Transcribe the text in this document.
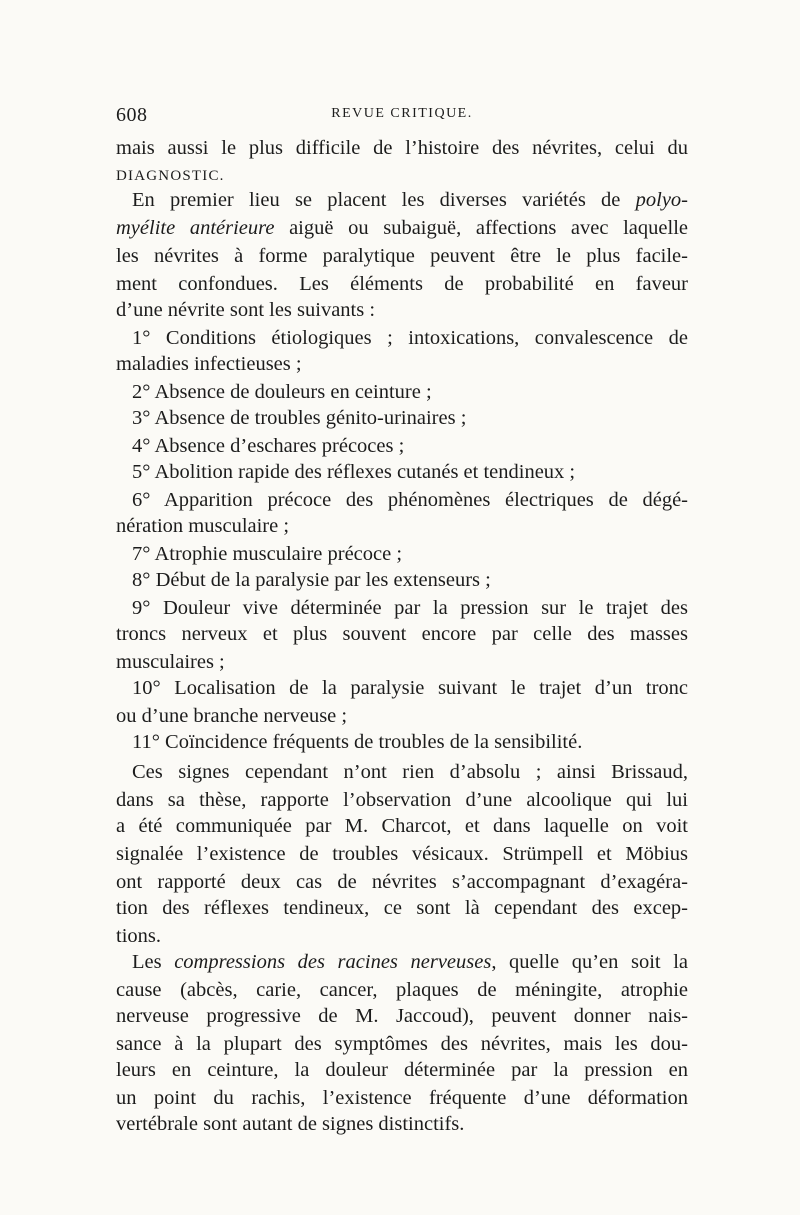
608	REVUE CRITIQUE.
mais aussi le plus difficile de l’histoire des névrites, celui du
DIAGNOSTIC.
En premier lieu se placent les diverses variétés de polyo-
myélite antérieure aiguë ou subaiguë, affections avec laquelle
les névrites à forme paralytique peuvent être le plus facile-
ment confondues. Les éléments de probabilité en faveur
d’une névrite sont les suivants :
1° Conditions étiologiques ; intoxications, convalescence de
maladies infectieuses ;
2° Absence de douleurs en ceinture ;
3° Absence de troubles génito-urinaires ;
4° Absence d’eschares précoces ;
5° Abolition rapide des réflexes cutanés et tendineux ;
6° Apparition précoce des phénomènes électriques de dégé-
nération musculaire ;
7° Atrophie musculaire précoce ;
8° Début de la paralysie par les extenseurs ;
9° Douleur vive déterminée par la pression sur le trajet des
troncs nerveux et plus souvent encore par celle des masses
musculaires ;
10° Localisation de la paralysie suivant le trajet d’un tronc
ou d’une branche nerveuse ;
11° Coïncidence fréquents de troubles de la sensibilité.
Ces signes cependant n’ont rien d’absolu ; ainsi Brissaud,
dans sa thèse, rapporte l’observation d’une alcoolique qui lui
a été communiquée par M. Charcot, et dans laquelle on voit
signalée l’existence de troubles vésicaux. Strümpell et Möbius
ont rapporté deux cas de névrites s’accompagnant d’exagéra-
tion des réflexes tendineux, ce sont là cependant des excep-
tions.
Les compressions des racines nerveuses, quelle qu’en soit la
cause (abcès, carie, cancer, plaques de méningite, atrophie
nerveuse progressive de M. Jaccoud), peuvent donner nais-
sance à la plupart des symptômes des névrites, mais les dou-
leurs en ceinture, la douleur déterminée par la pression en
un point du rachis, l’existence fréquente d’une déformation
vertébrale sont autant de signes distinctifs.
